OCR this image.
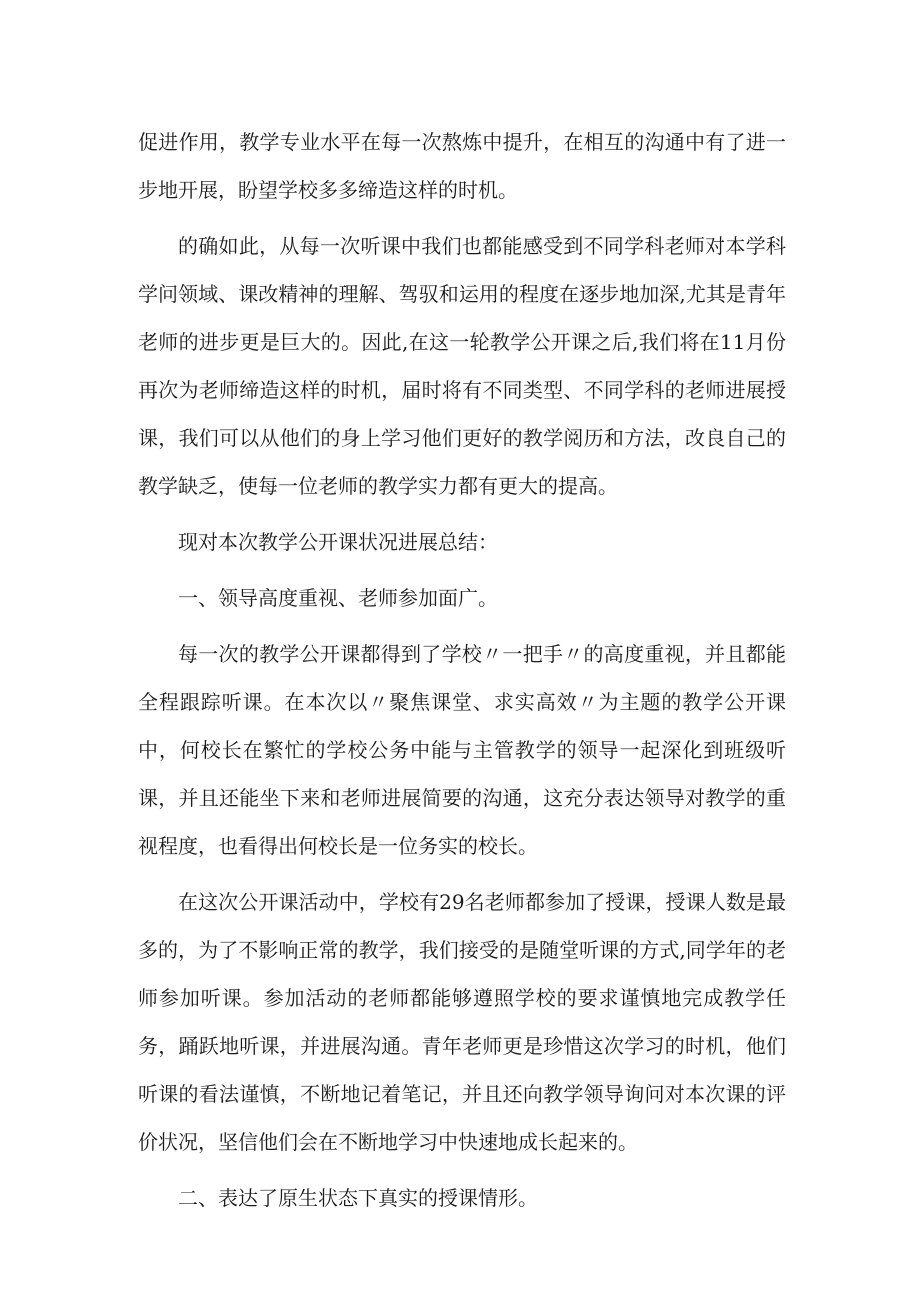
促进作用，教学专业水平在每一次熬炼中提升，在相互的沟通中有了进一步地开展，盼望学校多多缔造这样的时机。

的确如此，从每一次听课中我们也都能感受到不同学科老师对本学科学问领域、课改精神的理解、驾驭和运用的程度在逐步地加深,尤其是青年老师的进步更是巨大的。因此,在这一轮教学公开课之后,我们将在11月份再次为老师缔造这样的时机，届时将有不同类型、不同学科的老师进展授课，我们可以从他们的身上学习他们更好的教学阅历和方法，改良自己的教学缺乏，使每一位老师的教学实力都有更大的提高。

现对本次教学公开课状况进展总结：

一、领导高度重视、老师参加面广。

每一次的教学公开课都得到了学校〃一把手〃的高度重视，并且都能全程跟踪听课。在本次以〃聚焦课堂、求实高效〃为主题的教学公开课中，何校长在繁忙的学校公务中能与主管教学的领导一起深化到班级听课，并且还能坐下来和老师进展简要的沟通，这充分表达领导对教学的重视程度，也看得出何校长是一位务实的校长。

在这次公开课活动中，学校有29名老师都参加了授课，授课人数是最多的，为了不影响正常的教学，我们接受的是随堂听课的方式,同学年的老师参加听课。参加活动的老师都能够遵照学校的要求谨慎地完成教学任务，踊跃地听课，并进展沟通。青年老师更是珍惜这次学习的时机，他们听课的看法谨慎，不断地记着笔记，并且还向教学领导询问对本次课的评价状况，坚信他们会在不断地学习中快速地成长起来的。

二、表达了原生状态下真实的授课情形。
